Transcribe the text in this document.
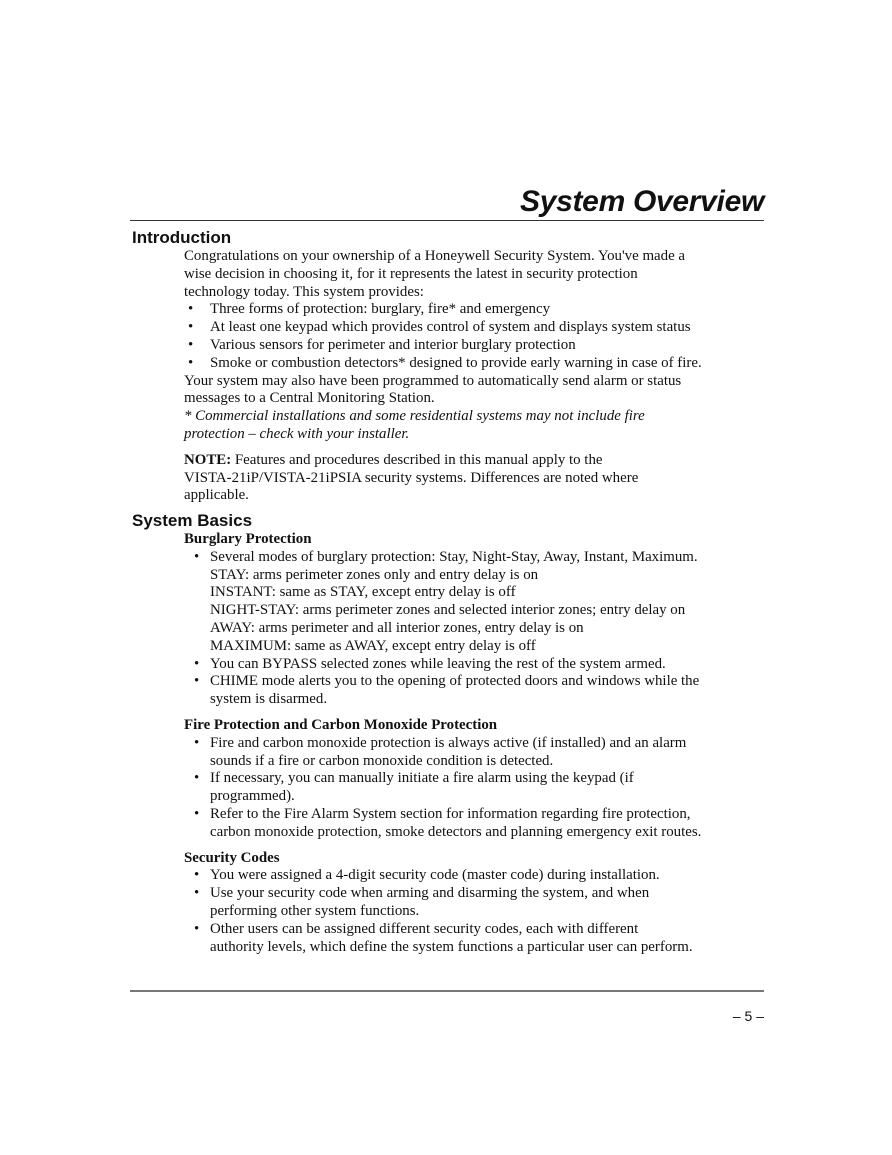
System Overview
Introduction

Congratulations on your ownership of a Honeywell Security System. You've made a

wise decision in choosing it, for it represents the latest in security protection

technology today. This system provides:

• Three forms of protection: burglary, fire* and emergency
• At least one keypad which provides control of system and displays system status
• Various sensors for perimeter and interior burglary protection
• Smoke or combustion detectors* designed to provide early warning in case of fire.

Your system may also have been programmed to automatically send alarm or status

messages to a Central Monitoring Station.

* Commercial installations and some residential systems may not include fire

protection – check with your installer.

NOTE: Features and procedures described in this manual apply to the

VISTA-21iP/VISTA-21iPSIA security systems. Differences are noted where

applicable.

System Basics

Burglary Protection

• Several modes of burglary protection: Stay, Night-Stay, Away, Instant, Maximum.

STAY: arms perimeter zones only and entry delay is on

INSTANT: same as STAY, except entry delay is off

NIGHT-STAY: arms perimeter zones and selected interior zones; entry delay on

AWAY: arms perimeter and all interior zones, entry delay is on

MAXIMUM: same as AWAY, except entry delay is off

• You can BYPASS selected zones while leaving the rest of the system armed.
• CHIME mode alerts you to the opening of protected doors and windows while the
system is disarmed.

Fire Protection and Carbon Monoxide Protection

• Fire and carbon monoxide protection is always active (if installed) and an alarm
sounds if a fire or carbon monoxide condition is detected.
• If necessary, you can manually initiate a fire alarm using the keypad (if
programmed).
• Refer to the Fire Alarm System section for information regarding fire protection,
carbon monoxide protection, smoke detectors and planning emergency exit routes.

Security Codes

• You were assigned a 4-digit security code (master code) during installation.
• Use your security code when arming and disarming the system, and when
performing other system functions.
• Other users can be assigned different security codes, each with different
authority levels, which define the system functions a particular user can perform.
– 5 –
